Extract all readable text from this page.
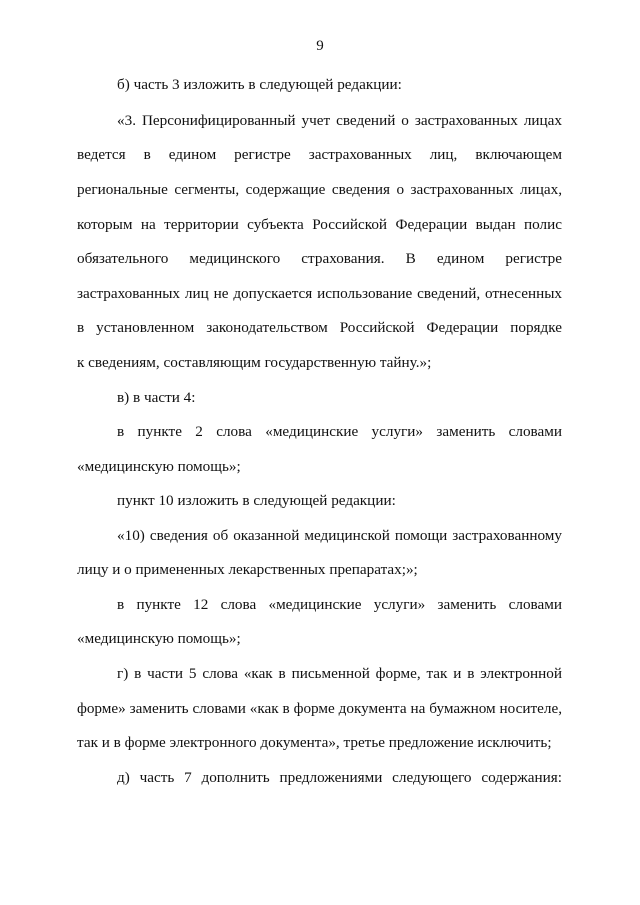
9
б) часть 3 изложить в следующей редакции:
«3. Персонифицированный учет сведений о застрахованных лицах
ведется в едином регистре застрахованных лиц, включающем
региональные сегменты, содержащие сведения о застрахованных лицах,
которым на территории субъекта Российской Федерации выдан полис
обязательного медицинского страхования. В едином регистре
застрахованных лиц не допускается использование сведений, отнесенных
в установленном законодательством Российской Федерации порядке
к сведениям, составляющим государственную тайну.»;
в) в части 4:
в пункте 2 слова «медицинские услуги» заменить словами
«медицинскую помощь»;
пункт 10 изложить в следующей редакции:
«10) сведения об оказанной медицинской помощи застрахованному
лицу и о примененных лекарственных препаратах;»;
в пункте 12 слова «медицинские услуги» заменить словами
«медицинскую помощь»;
г) в части 5 слова «как в письменной форме, так и в электронной
форме» заменить словами «как в форме документа на бумажном носителе,
так и в форме электронного документа», третье предложение исключить;
д) часть 7 дополнить предложениями следующего содержания:
